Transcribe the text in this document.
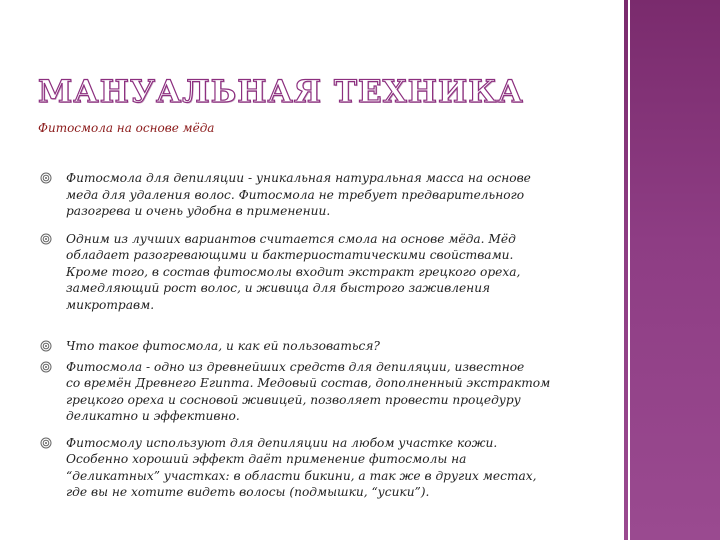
МАНУАЛЬНАЯ ТЕХНИКА
Фитосмола на основе мёда
Фитосмола для депиляции - уникальная натуральная масса на основе
меда для удаления волос. Фитосмола не требует предварительного
разогрева и очень удобна в применении.
Одним из лучших вариантов считается смола на основе мёда. Мёд
обладает разогревающими и бактериостатическими свойствами.
Кроме того, в состав фитосмолы входит экстракт грецкого ореха,
замедляющий рост волос, и живица для быстрого заживления
микротравм.
Что такое фитосмола, и как ей пользоваться?
Фитосмола - одно из древнейших средств для депиляции, известное
со времён Древнего Египта. Медовый состав, дополненный экстрактом
грецкого ореха и сосновой живицей, позволяет провести процедуру
деликатно и эффективно.
Фитосмолу используют для депиляции на любом участке кожи.
Особенно хороший эффект даёт применение фитосмолы на
“деликатных” участках: в области бикини, а так же в других местах,
где вы не хотите видеть волосы (подмышки, “усики”).
